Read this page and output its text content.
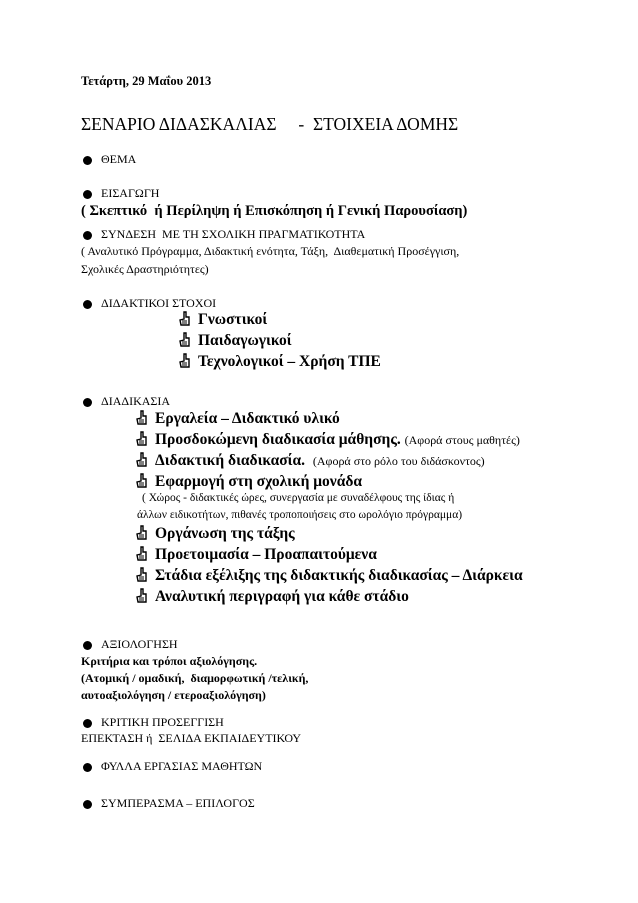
Τετάρτη, 29 Μαΐου 2013
ΣΕΝΑΡΙΟ ΔΙΔΑΣΚΑΛΙΑΣ     -  ΣΤΟΙΧΕΙΑ ΔΟΜΗΣ
ΘΕΜΑ
ΕΙΣΑΓΩΓΗ
( Σκεπτικό  ή Περίληψη ή Επισκόπηση ή Γενική Παρουσίαση)
ΣΥΝΔΕΣΗ  ΜΕ ΤΗ ΣΧΟΛΙΚΗ ΠΡΑΓΜΑΤΙΚΟΤΗΤΑ
( Αναλυτικό Πρόγραμμα, Διδακτική ενότητα, Τάξη,  Διαθεματική Προσέγγιση,
Σχολικές Δραστηριότητες)
ΔΙΔΑΚΤΙΚΟΙ ΣΤΟΧΟΙ
Γνωστικοί
Παιδαγωγικοί
Τεχνολογικοί – Χρήση ΤΠΕ
ΔΙΑΔΙΚΑΣΙΑ
Εργαλεία – Διδακτικό υλικό
Προσδοκώμενη διαδικασία μάθησης. (Αφορά στους μαθητές)
Διδακτική διαδικασία. (Αφορά στο ρόλο του διδάσκοντος)
Εφαρμογή στη σχολική μονάδα
( Χώρος - διδακτικές ώρες, συνεργασία με συναδέλφους της ίδιας ή
άλλων ειδικοτήτων, πιθανές τροποποιήσεις στο ωρολόγιο πρόγραμμα)
Οργάνωση της τάξης
Προετοιμασία – Προαπαιτούμενα
Στάδια εξέλιξης της διδακτικής διαδικασίας – Διάρκεια
Αναλυτική περιγραφή για κάθε στάδιο
ΑΞΙΟΛΟΓΗΣΗ
Κριτήρια και τρόποι αξιολόγησης.
(Ατομική / ομαδική,  διαμορφωτική /τελική,
αυτοαξιολόγηση / ετεροαξιολόγηση)
ΚΡΙΤΙΚΗ ΠΡΟΣΕΓΓΙΣΗ
ΕΠΕΚΤΑΣΗ ή  ΣΕΛΙΔΑ ΕΚΠΑΙΔΕΥΤΙΚΟΥ
ΦΥΛΛΑ ΕΡΓΑΣΙΑΣ ΜΑΘΗΤΩΝ
ΣΥΜΠΕΡΑΣΜΑ – ΕΠΙΛΟΓΟΣ
